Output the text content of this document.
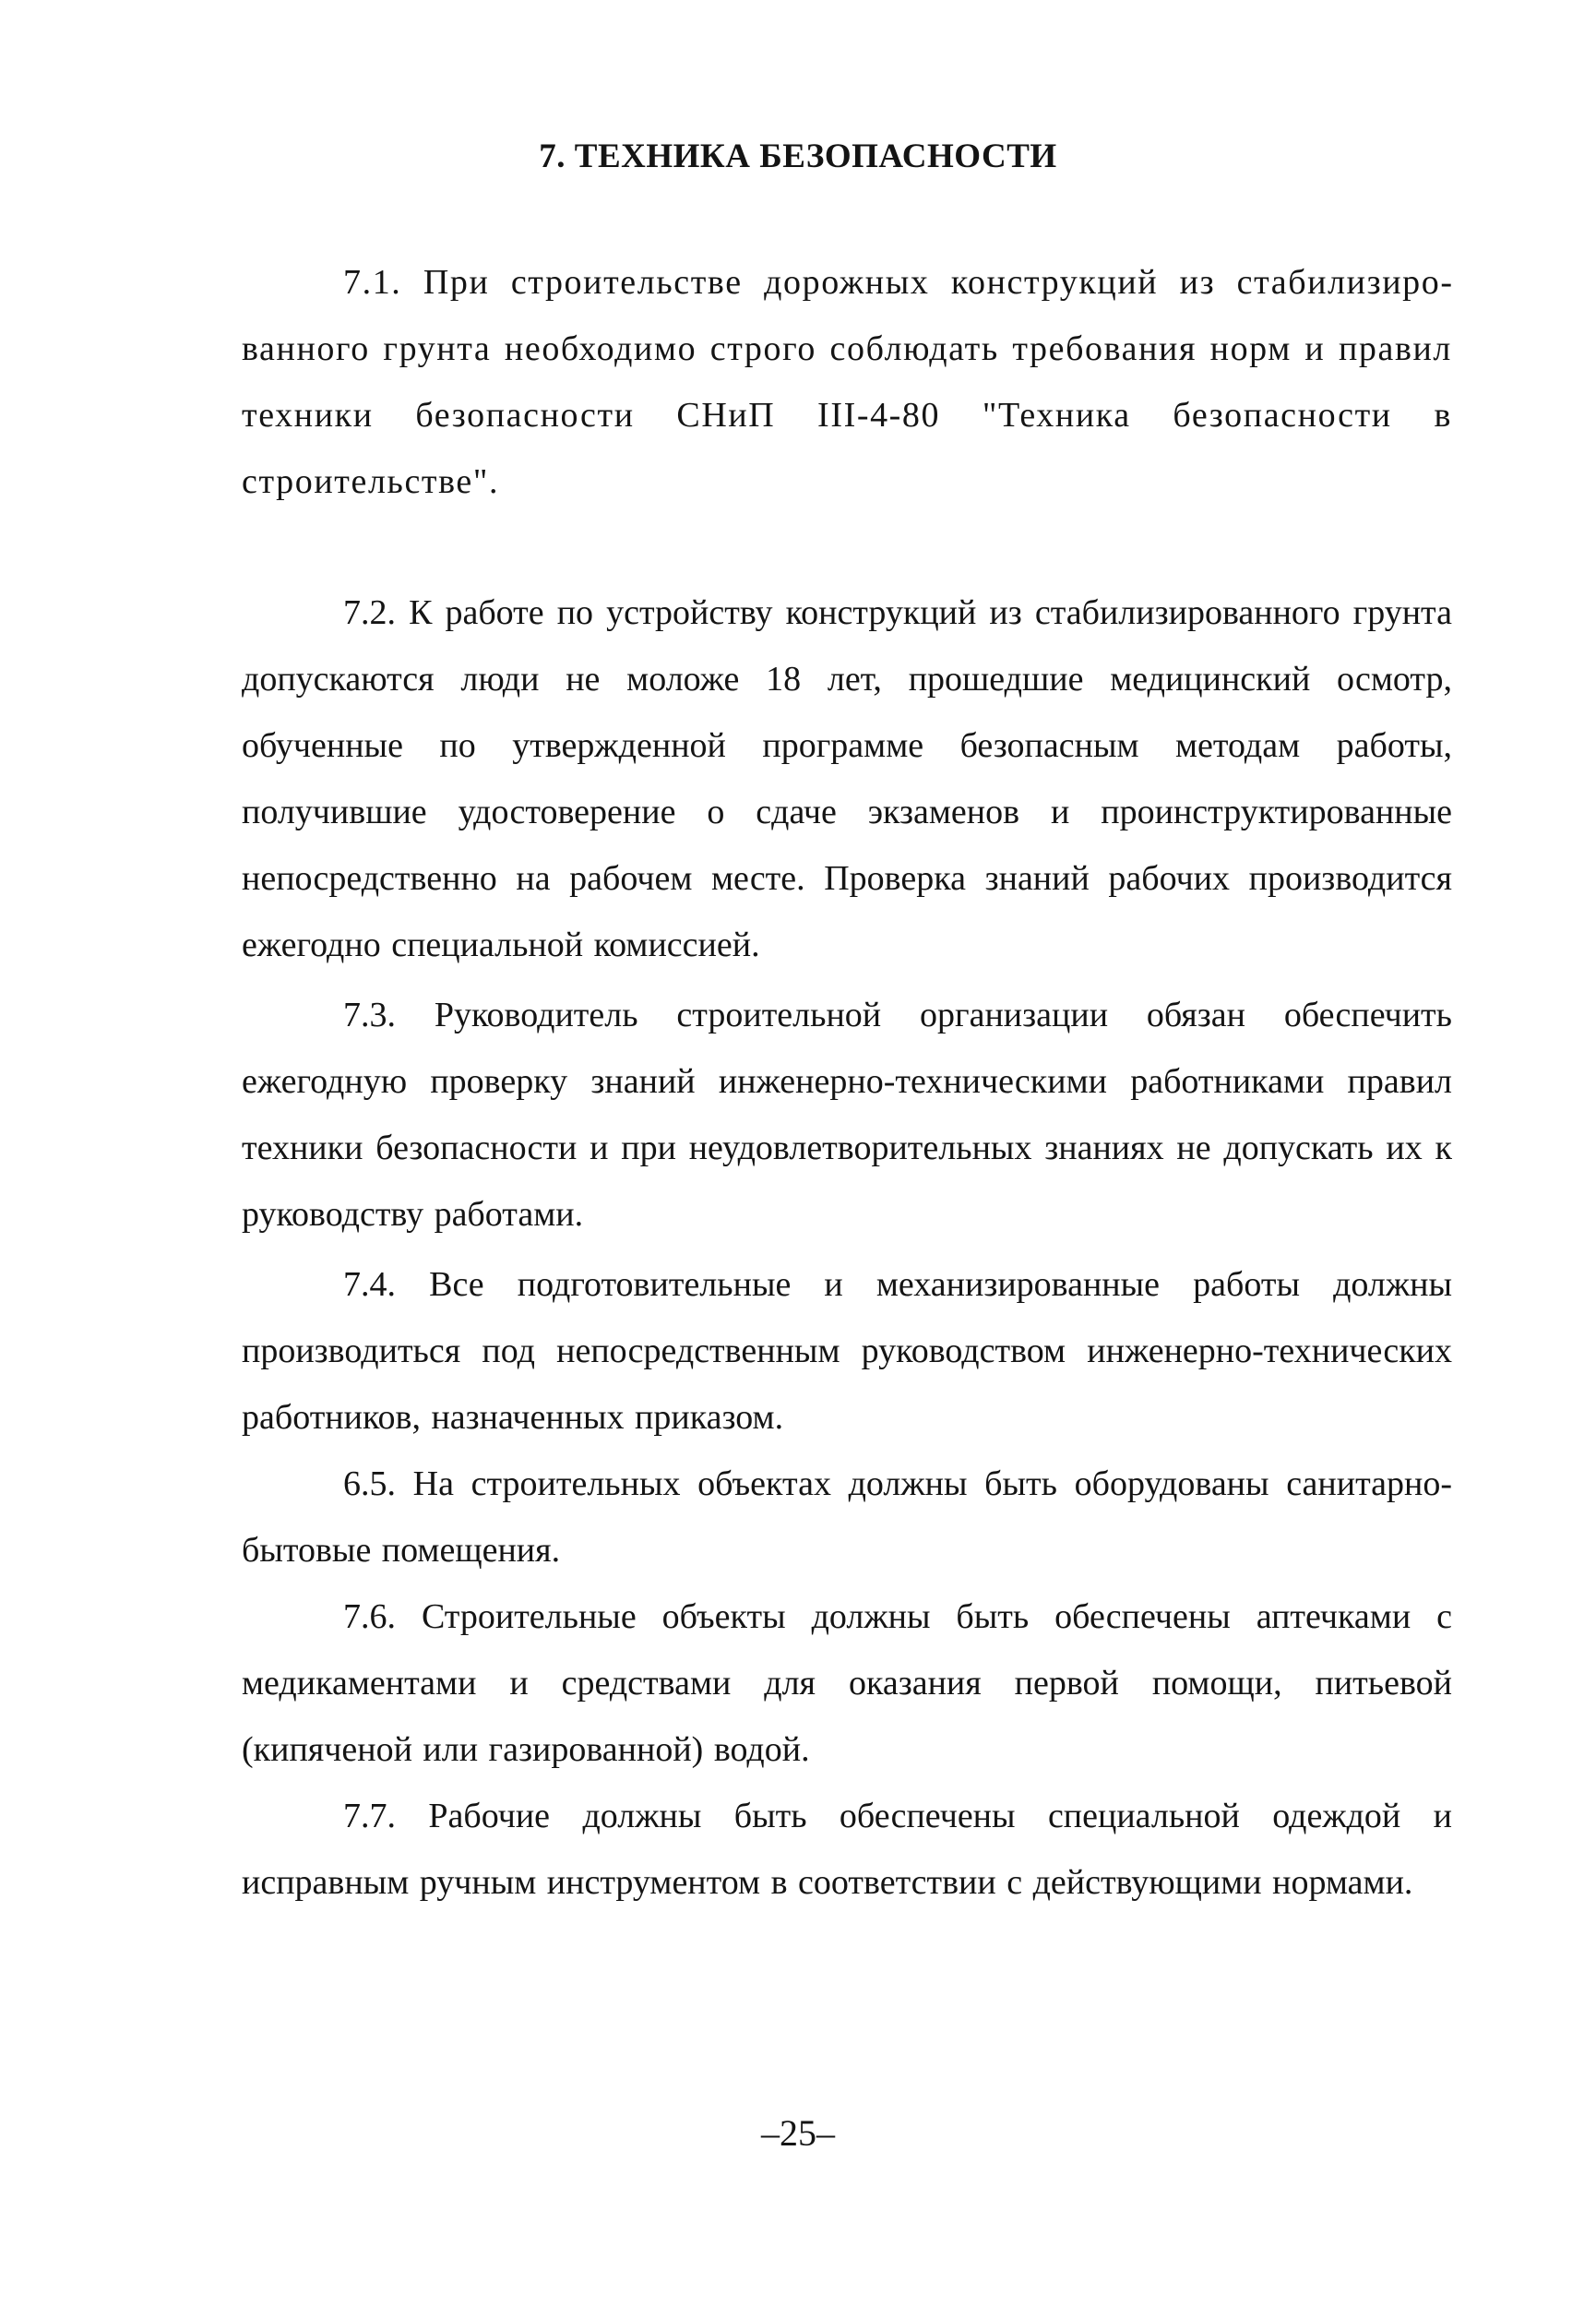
7. ТЕХНИКА БЕЗОПАСНОСТИ

7.1. При строительстве дорожных конструкций из стабилизированного грунта необходимо строго соблюдать требования норм и правил техники безопасности СНиП III-4-80 "Техника безопасности в строительстве".

7.2. К работе по устройству конструкций из стабилизированного грунта допускаются люди не моложе 18 лет, прошедшие медицинский осмотр, обученные по утвержденной программе безопасным методам работы, получившие удостоверение о сдаче экзаменов и проинструктированные непосредственно на рабочем месте. Проверка знаний рабочих производится ежегодно специальной комиссией.

7.3. Руководитель строительной организации обязан обеспечить ежегодную проверку знаний инженерно-техническими работниками правил техники безопасности и при неудовлетворительных знаниях не допускать их к руководству работами.

7.4. Все подготовительные и механизированные работы должны производиться под непосредственным руководством инженерно-технических работников, назначенных приказом.

6.5. На строительных объектах должны быть оборудованы санитарно-бытовые помещения.

7.6. Строительные объекты должны быть обеспечены аптечками с медикаментами и средствами для оказания первой помощи, питьевой (кипяченой или газированной) водой.

7.7. Рабочие должны быть обеспечены специальной одеждой и исправным ручным инструментом в соответствии с действующими нормами.

–25–
